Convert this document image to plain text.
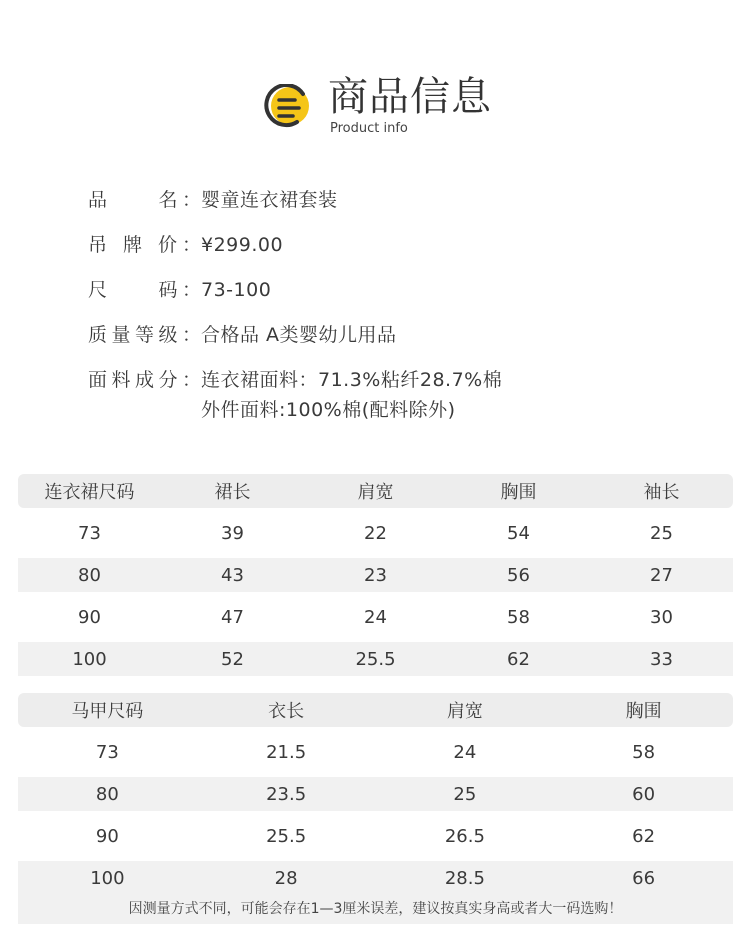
商品信息
Product info
品　　名： 婴童连衣裙套装
吊 牌 价： ¥299.00
尺　　码： 73-100
质量等级： 合格品 A类婴幼儿用品
面料成分： 连衣裙面料：71.3%粘纤28.7%棉
外件面料:100%棉(配料除外)
连衣裙尺码	裙长	肩宽	胸围	袖长
73	39	22	54	25
80	43	23	56	27
90	47	24	58	30
100	52	25.5	62	33
马甲尺码	衣长	肩宽	胸围
73	21.5	24	58
80	23.5	25	60
90	25.5	26.5	62
100	28	28.5	66
因测量方式不同，可能会存在1—3厘米误差，建议按真实身高或者大一码选购！
